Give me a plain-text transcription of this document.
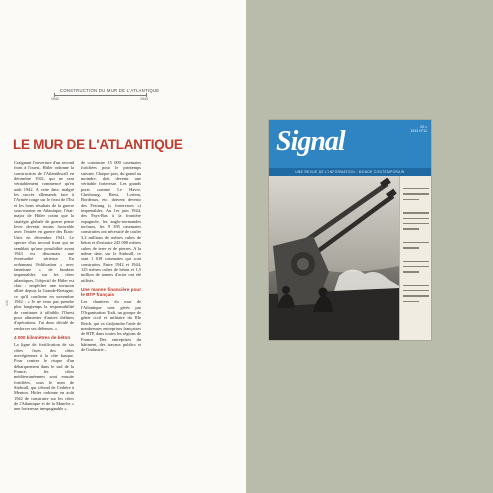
CONSTRUCTION DU MUR DE L'ATLANTIQUE
1942	1944
LE MUR DE L'ATLANTIQUE

Craignant l'ouverture d'un second front à l'ouest, Hitler ordonne la construction de l'Atlantikwall en décembre 1941, qui ne sera véritablement commencé qu'en août 1942. A cette date, malgré les succès allemands face à l'Armée rouge sur le front de l'Est et les bons résultats de la guerre sous-marine en Atlantique, l'état-major de Hitler craint que la stratégie globale de guerre pense lever devenir moins favorable avec l'entrée en guerre des États-Unis en décembre 1941. Le spectre d'un second front qui ne semblait qu'une possibilité avant 1943 est désormais une éventualité sérieuse. En ordonnant l'édification « avec fanatisme » de bunkers imprenables sur les côtes atlantiques, l'objectif de Hitler est clair : empêcher une invasion alliée depuis la Grande-Bretagne, ce qu'il confirme en novembre 1942 : « Je ne veux pas prendre plus longtemps la responsabilité de continuer à affaiblir l'Ouest pour alimenter d'autres théâtres d'opérations. J'ai donc décidé de renforcer ses défenses. »

4 000 kilomètres de béton

La ligne de fortification de six côtes fixes des côtes norvégiennes à la côte basque. Pour contrer le risque d'un débarquement dans le sud de la France, les côtes méditerranéennes sont ensuite fortifiées, sous le nom de Südwall, qui s'étend de Cerbère à Menton. Hitler ordonne en août 1942 de construire sur les côtes de l'Atlantique et de la Manche « une forteresse inexpugnable ».

de construire 15 000 casemates fortifiées pour le printemps suivant. Chaque port, du grand au moindre, doit devenir une véritable forteresse. Les grands ports comme Le Havre, Cherbourg, Brest, Lorient, Bordeaux, etc. doivent devenir des Festung (« forteresses ») imprenables. Au 1er juin 1944, des Pays-Bas à la frontière espagnole, les anglo-normandes incluses, les 9 395 casemates construites ont nécessité de couler 3,3 millions de mètres cubes de béton et d'extraire 245 000 mètres cubes de terre et de pierres. A la même date, sur le Südwall, ce sont 1 018 casemates qui sont construites. Entre 1942 et 1944, 125 mètres cubes de béton et 1,5 million de tonnes d'acier ont été utilisés.

Une manne financière pour le BTP français

Les chantiers du mur de l'Atlantique sont gérés par l'Organisation Todt, un groupe de génie civil et militaire du IIIe Reich, qui va s'adjoindre l'aide de nombreuses entreprises françaises de BTP, dans toutes les régions de France. Des entreprises du bâtiment, des travaux publics et de l'industrie...

142
Signal	20 c
1943 N°11
UNE REVUE DE L'INFORMATION : MONDE CONTEMPORAIN
